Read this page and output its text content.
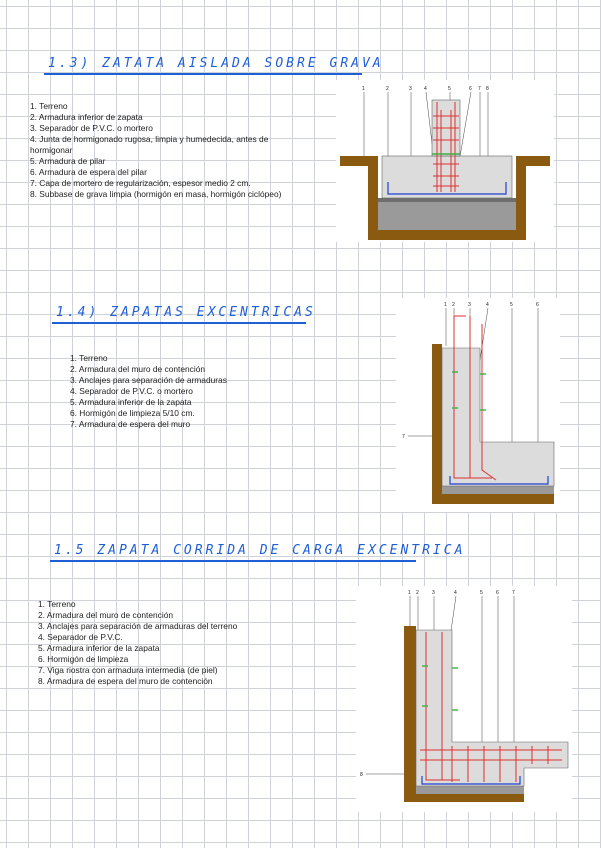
1.3) ZATATA AISLADA SOBRE GRAVA
1. Terreno
2. Armadura inferior de zapata
3. Separador de P.V.C. o mortero
4. Junta de hormigonado rugosa, limpia y humedecida, antes de hormigonar
5. Armadura de pilar
6. Armadura de espera del pilar
7. Capa de mortero de regularización, espesor medio 2 cm.
8. Subbase de grava limpia (hormigón en masa, hormigón ciclópeo)
1	2	3 4	5	6 7 8
1.4) ZAPATAS EXCENTRICAS
1. Terreno
2. Armadura del muro de contención
3. Anclajes para separación de armaduras
4. Separador de P.V.C. o mortero
5. Armadura inferior de la zapata
6. Hormigón de limpieza 5/10 cm.
7. Armadura de espera del muro
1 2	3	4	5	6
7
1.5 ZAPATA CORRIDA DE CARGA EXCENTRICA
1. Terreno
2. Armadura del muro de contención
3. Anclajes para separación de armaduras del terreno
4. Separador de P.V.C.
5. Armadura inferior de la zapata
6. Hormigón de limpieza
7. Viga riostra con armadura intermedia (de piel)
8. Armadura de espera del muro de contención
1 2	3	4	5	6	7
8
